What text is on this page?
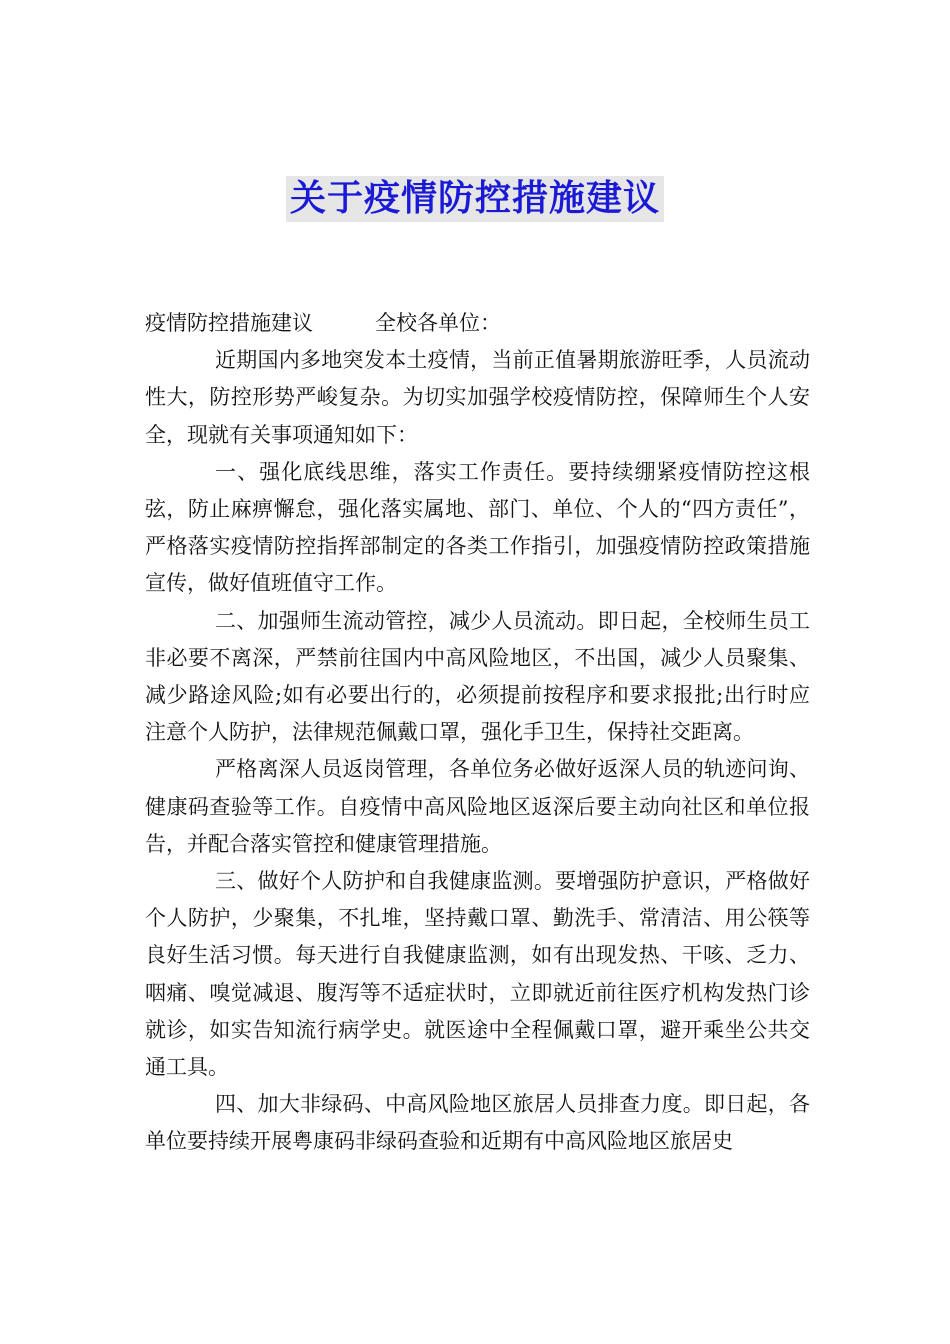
关于疫情防控措施建议

疫情防控措施建议	全校各单位：

近期国内多地突发本土疫情，当前正值暑期旅游旺季，人员流动性大，防控形势严峻复杂。为切实加强学校疫情防控，保障师生个人安全，现就有关事项通知如下：

一、强化底线思维，落实工作责任。要持续绷紧疫情防控这根弦，防止麻痹懈怠，强化落实属地、部门、单位、个人的“四方责任”，严格落实疫情防控指挥部制定的各类工作指引，加强疫情防控政策措施宣传，做好值班值守工作。

二、加强师生流动管控，减少人员流动。即日起，全校师生员工非必要不离深，严禁前往国内中高风险地区，不出国，减少人员聚集、减少路途风险;如有必要出行的，必须提前按程序和要求报批;出行时应注意个人防护，法律规范佩戴口罩，强化手卫生，保持社交距离。

严格离深人员返岗管理，各单位务必做好返深人员的轨迹问询、健康码查验等工作。自疫情中高风险地区返深后要主动向社区和单位报告，并配合落实管控和健康管理措施。

三、做好个人防护和自我健康监测。要增强防护意识，严格做好个人防护，少聚集，不扎堆，坚持戴口罩、勤洗手、常清洁、用公筷等良好生活习惯。每天进行自我健康监测，如有出现发热、干咳、乏力、咽痛、嗅觉减退、腹泻等不适症状时，立即就近前往医疗机构发热门诊就诊，如实告知流行病学史。就医途中全程佩戴口罩，避开乘坐公共交通工具。

四、加大非绿码、中高风险地区旅居人员排查力度。即日起，各单位要持续开展粤康码非绿码查验和近期有中高风险地区旅居史
